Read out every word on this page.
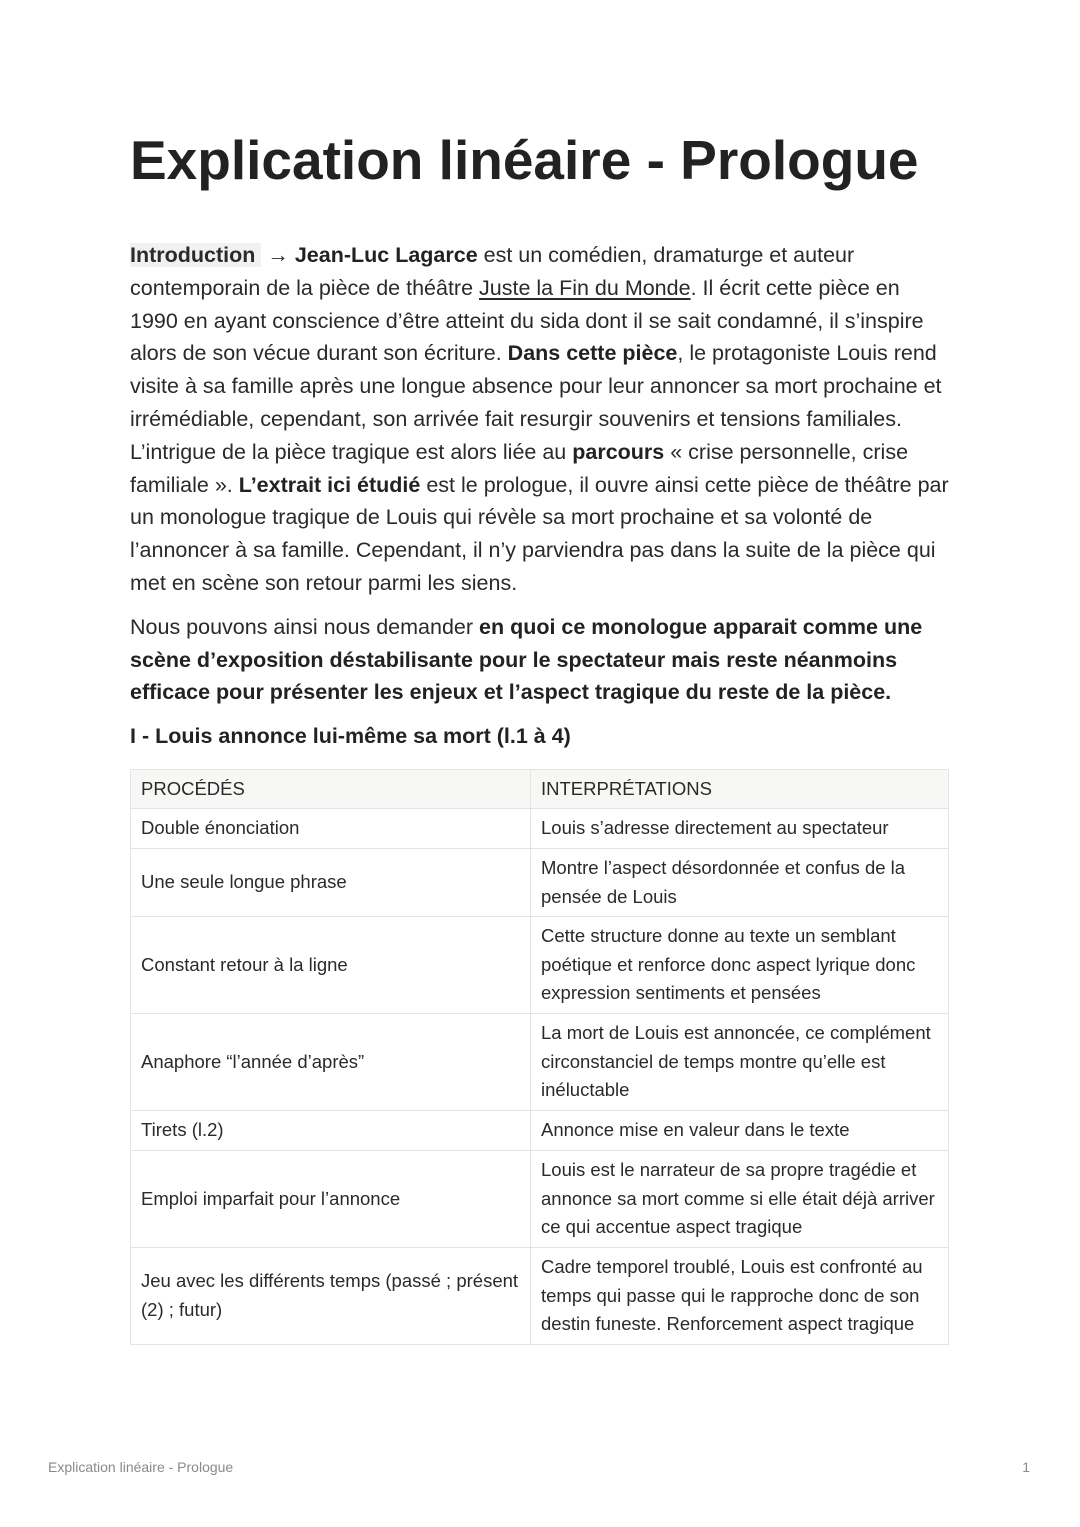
Explication linéaire - Prologue

Introduction → Jean-Luc Lagarce est un comédien, dramaturge et auteur contemporain de la pièce de théâtre Juste la Fin du Monde. Il écrit cette pièce en 1990 en ayant conscience d’être atteint du sida dont il se sait condamné, il s’inspire alors de son vécue durant son écriture. Dans cette pièce, le protagoniste Louis rend visite à sa famille après une longue absence pour leur annoncer sa mort prochaine et irrémédiable, cependant, son arrivée fait resurgir souvenirs et tensions familiales. L’intrigue de la pièce tragique est alors liée au parcours « crise personnelle, crise familiale ». L’extrait ici étudié est le prologue, il ouvre ainsi cette pièce de théâtre par un monologue tragique de Louis qui révèle sa mort prochaine et sa volonté de l’annoncer à sa famille. Cependant, il n’y parviendra pas dans la suite de la pièce qui met en scène son retour parmi les siens.

Nous pouvons ainsi nous demander en quoi ce monologue apparait comme une scène d’exposition déstabilisante pour le spectateur mais reste néanmoins efficace pour présenter les enjeux et l’aspect tragique du reste de la pièce.

I - Louis annonce lui-même sa mort (l.1 à 4)

PROCÉDÉS	INTERPRÉTATIONS
Double énonciation	Louis s’adresse directement au spectateur
Une seule longue phrase	Montre l’aspect désordonnée et confus de la pensée de Louis
Constant retour à la ligne	Cette structure donne au texte un semblant poétique et renforce donc aspect lyrique donc expression sentiments et pensées
Anaphore “l’année d’après”	La mort de Louis est annoncée, ce complément circonstanciel de temps montre qu’elle est inéluctable
Tirets (l.2)	Annonce mise en valeur dans le texte
Emploi imparfait pour l’annonce	Louis est le narrateur de sa propre tragédie et annonce sa mort comme si elle était déjà arriver ce qui accentue aspect tragique
Jeu avec les différents temps (passé ; présent (2) ; futur)	Cadre temporel troublé, Louis est confronté au temps qui passe qui le rapproche donc de son destin funeste. Renforcement aspect tragique
Explication linéaire - Prologue	1
